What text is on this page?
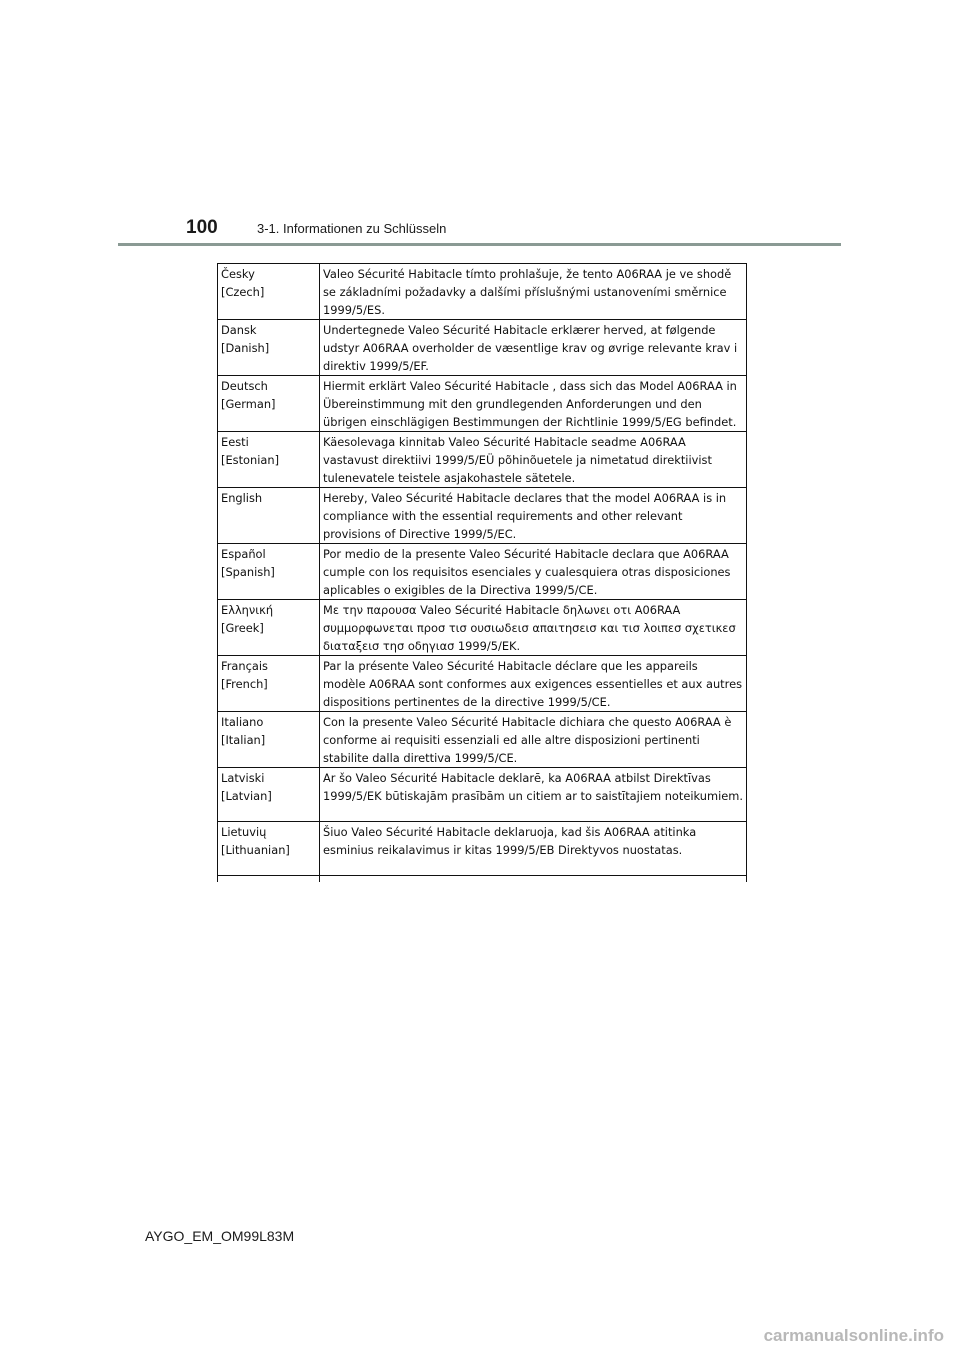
100	3-1. Informationen zu Schlüsseln
Česky
[Czech]	Valeo Sécurité Habitacle tímto prohlašuje, že tento A06RAA je ve shodě se základními požadavky a dalšími příslušnými ustanoveními směrnice 1999/5/ES.

Dansk
[Danish]	Undertegnede Valeo Sécurité Habitacle erklærer herved, at følgende udstyr A06RAA overholder de væsentlige krav og øvrige relevante krav i direktiv 1999/5/EF.

Deutsch
[German]	Hiermit erklärt Valeo Sécurité Habitacle , dass sich das Model A06RAA in Übereinstimmung mit den grundlegenden Anforderungen und den übrigen einschlägigen Bestimmungen der Richtlinie 1999/5/EG befindet.

Eesti
[Estonian]	Käesolevaga kinnitab Valeo Sécurité Habitacle seadme A06RAA vastavust direktiivi 1999/5/EÜ põhinõuetele ja nimetatud direktiivist tulenevatele teistele asjakohastele sätetele.

English	Hereby, Valeo Sécurité Habitacle declares that the model A06RAA is in compliance with the essential requirements and other relevant provisions of Directive 1999/5/EC.

Español
[Spanish]	Por medio de la presente Valeo Sécurité Habitacle declara que A06RAA cumple con los requisitos esenciales y cualesquiera otras disposiciones aplicables o exigibles de la Directiva 1999/5/CE.

Ελληνική
[Greek]	Με την παρουσα Valeo Sécurité Habitacle δηλωνει οτι A06RAA συμμορφωνεται προσ τισ ουσιωδεισ απαιτησεισ και τισ λοιπεσ σχετικεσ διαταξεισ τησ οδηγιασ 1999/5/ΕΚ.

Français
[French]	Par la présente Valeo Sécurité Habitacle déclare que les appareils modèle A06RAA sont conformes aux exigences essentielles et aux autres dispositions pertinentes de la directive 1999/5/CE.

Italiano
[Italian]	Con la presente Valeo Sécurité Habitacle dichiara che questo A06RAA è conforme ai requisiti essenziali ed alle altre disposizioni pertinenti stabilite dalla direttiva 1999/5/CE.

Latviski
[Latvian]	Ar šo Valeo Sécurité Habitacle deklarē, ka A06RAA atbilst Direktīvas 1999/5/EK būtiskajām prasībām un citiem ar to saistītajiem noteikumiem.

Lietuvių
[Lithuanian]	Šiuo Valeo Sécurité Habitacle deklaruoja, kad šis A06RAA atitinka esminius reikalavimus ir kitas 1999/5/EB Direktyvos nuostatas.

AYGO_EM_OM99L83M
carmanualsonline.info
